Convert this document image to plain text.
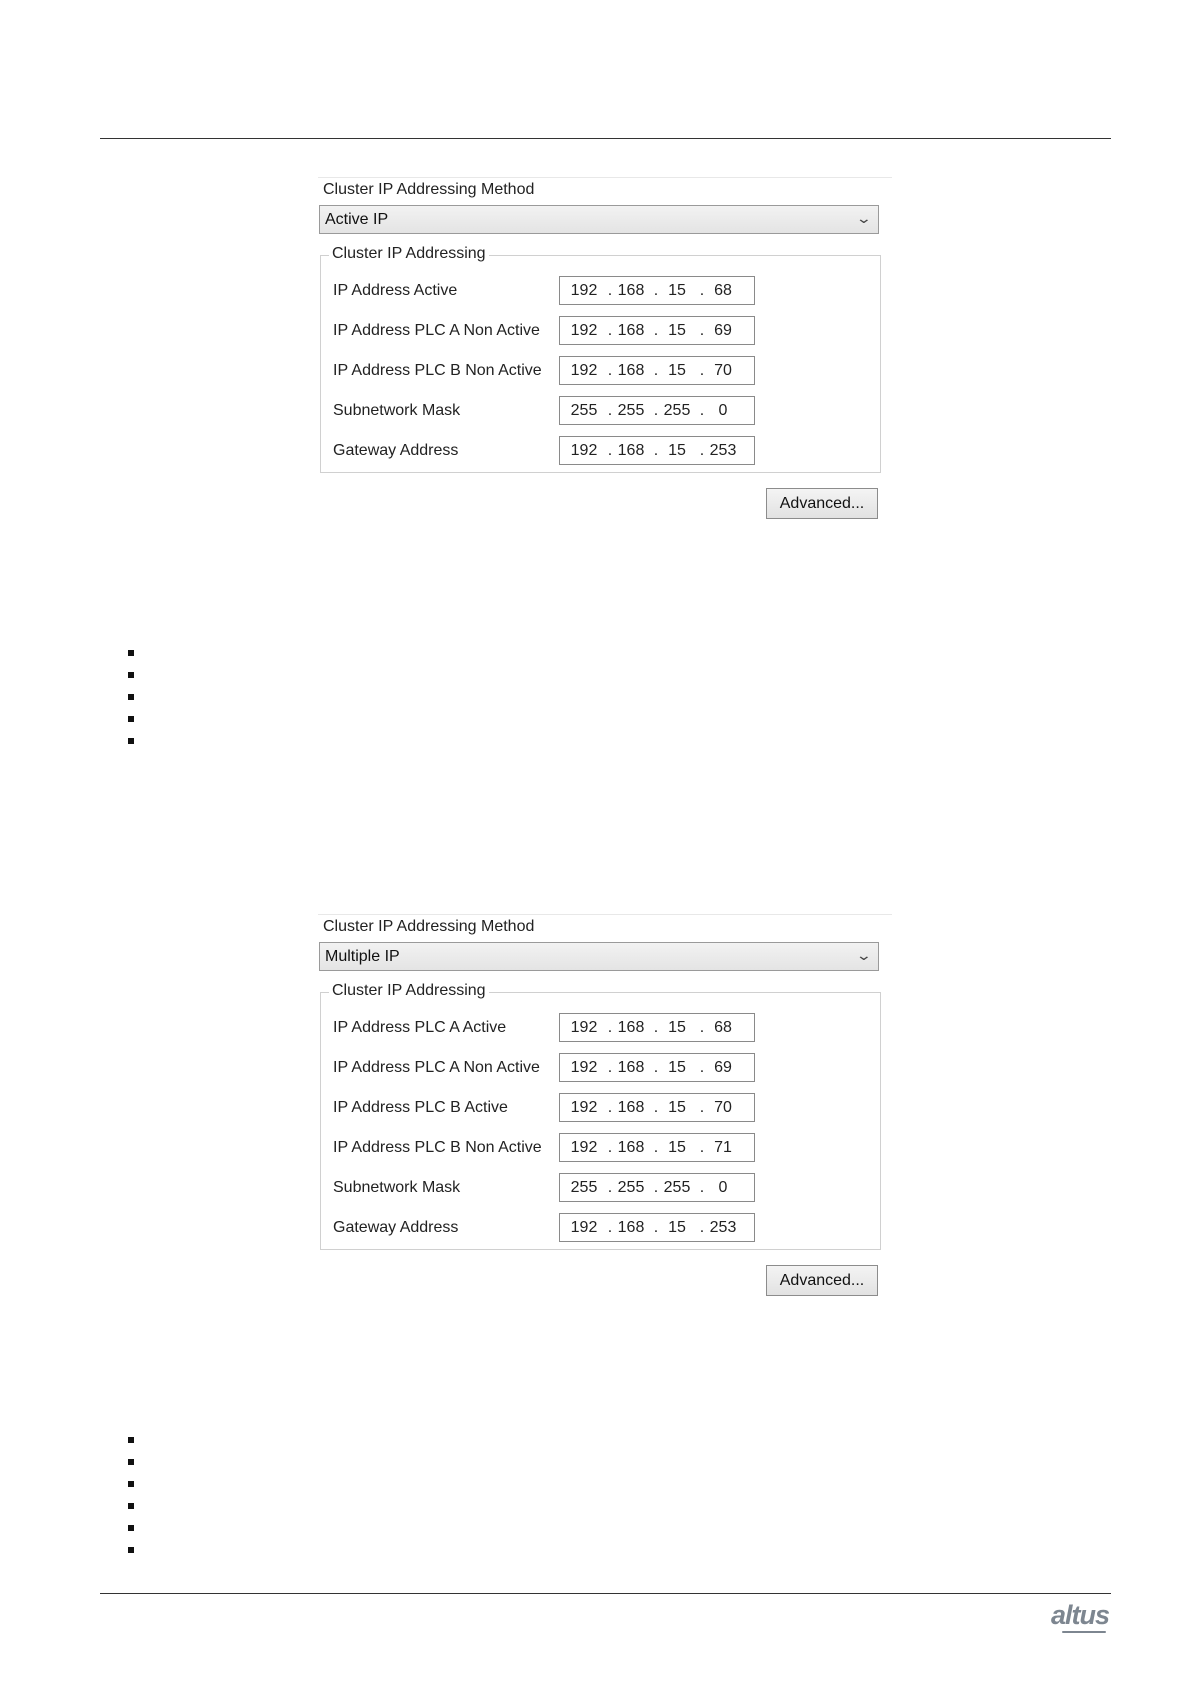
Cluster IP Addressing Method
Active IP	⌄
Cluster IP Addressing
IP Address Active	192 . 168 . 15 . 68
IP Address PLC A Non Active 192 . 168 . 15 . 69
IP Address PLC B Non Active 192 . 168 . 15 . 70
Subnetwork Mask	255 . 255 . 255 . 0
Gateway Address	192 . 168 . 15 . 253
Advanced...
Cluster IP Addressing Method
Multiple IP	⌄
Cluster IP Addressing
IP Address PLC A Active	192 . 168 . 15 . 68
IP Address PLC A Non Active 192 . 168 . 15 . 69
IP Address PLC B Active	192 . 168 . 15 . 70
IP Address PLC B Non Active 192 . 168 . 15 . 71
Subnetwork Mask	255 . 255 . 255 . 0
Gateway Address	192 . 168 . 15 . 253
Advanced...
altus
